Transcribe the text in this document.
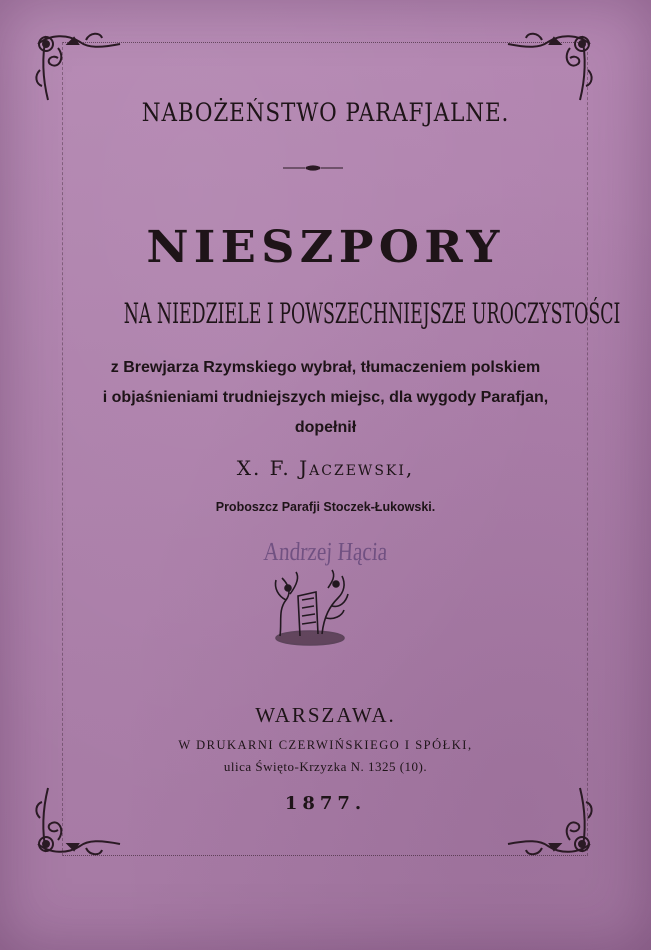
NABOŻEŃSTWO PARAFJALNE.
NIESZPORY
NA NIEDZIELE I POWSZECHNIEJSZE UROCZYSTOŚCI
z Brewjarza Rzymskiego wybrał, tłumaczeniem polskiem
i objaśnieniami trudniejszych miejsc, dla wygody Parafjan,
dopełnił
X. F. Jaczewski,
Proboszcz Parafji Stoczek-Łukowski.
Andrzej Hącia
WARSZAWA.
W DRUKARNI CZERWIŃSKIEGO I SPÓŁKI,
ulica Święto-Krzyzka N. 1325 (10).
1877.
